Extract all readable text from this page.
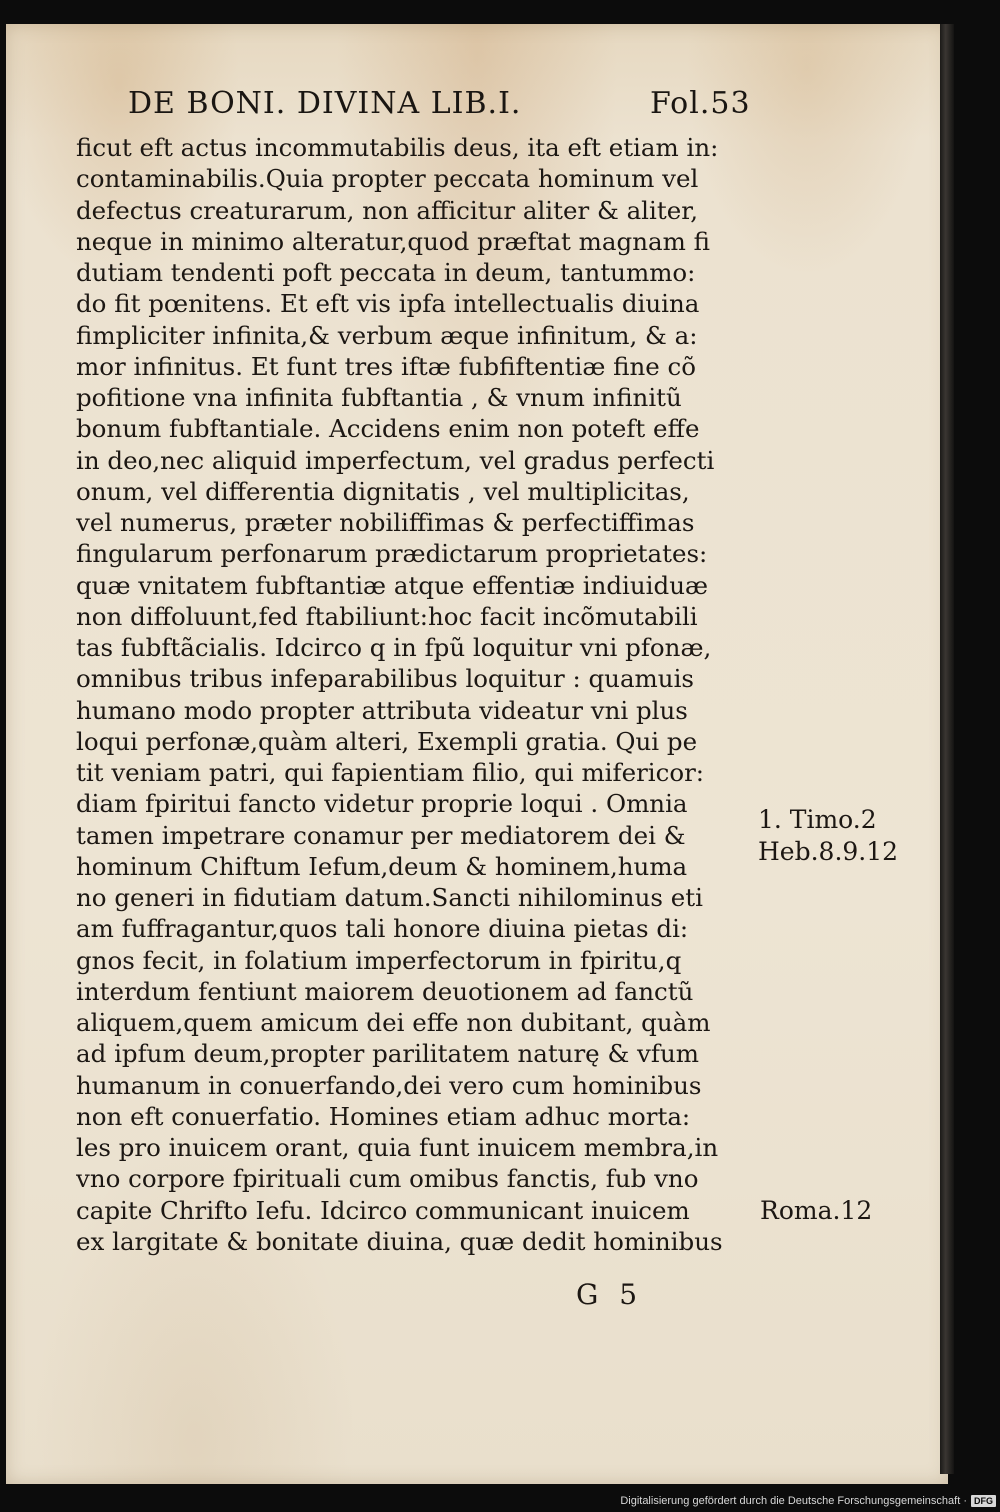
DE BONI. DIVINA LIB.I.	Fol.53
ficut eft actus incommutabilis deus, ita eft etiam in:
contaminabilis.Quia propter peccata hominum vel
defectus creaturarum, non afficitur aliter & aliter,
neque in minimo alteratur,quod præftat magnam fi
dutiam tendenti poft peccata in deum, tantummo:
do fit pœnitens. Et eft vis ipfa intellectualis diuina
fimpliciter infinita,& verbum æque infinitum, & a:
mor infinitus. Et funt tres iftæ fubfiftentiæ fine cõ
pofitione vna infinita fubftantia , & vnum infinitũ
bonum fubftantiale. Accidens enim non poteft effe
in deo,nec aliquid imperfectum, vel gradus perfecti
onum, vel differentia dignitatis , vel multiplicitas,
vel numerus, præter nobiliffimas & perfectiffimas
fingularum perfonarum prædictarum proprietates:
quæ vnitatem fubftantiæ atque effentiæ indiuiduæ
non diffoluunt,fed ftabiliunt:hoc facit incõmutabili
tas fubftãcialis. Idcirco q in fpũ loquitur vni pfonæ,
omnibus tribus infeparabilibus loquitur : quamuis
humano modo propter attributa videatur vni plus
loqui perfonæ,quàm alteri, Exempli gratia. Qui pe
tit veniam patri, qui fapientiam filio, qui mifericor:
diam fpiritui fancto videtur proprie loqui . Omnia
tamen impetrare conamur per mediatorem dei &
hominum Chiftum Iefum,deum & hominem,huma
no generi in fidutiam datum.Sancti nihilominus eti
am fuffragantur,quos tali honore diuina pietas di:
gnos fecit, in folatium imperfectorum in fpiritu,q
interdum fentiunt maiorem deuotionem ad fanctũ
aliquem,quem amicum dei effe non dubitant, quàm
ad ipfum deum,propter parilitatem naturę & vfum
humanum in conuerfando,dei vero cum hominibus
non eft conuerfatio. Homines etiam adhuc morta:
les pro inuicem orant, quia funt inuicem membra,in
vno corpore fpirituali cum omibus fanctis, fub vno
capite Chrifto Iefu. Idcirco communicant inuicem
ex largitate & bonitate diuina, quæ dedit hominibus
1. Timo.2
Heb.8.9.12
Roma.12
G 5
Digitalisierung gefördert durch die Deutsche Forschungsgemeinschaft · DFG
